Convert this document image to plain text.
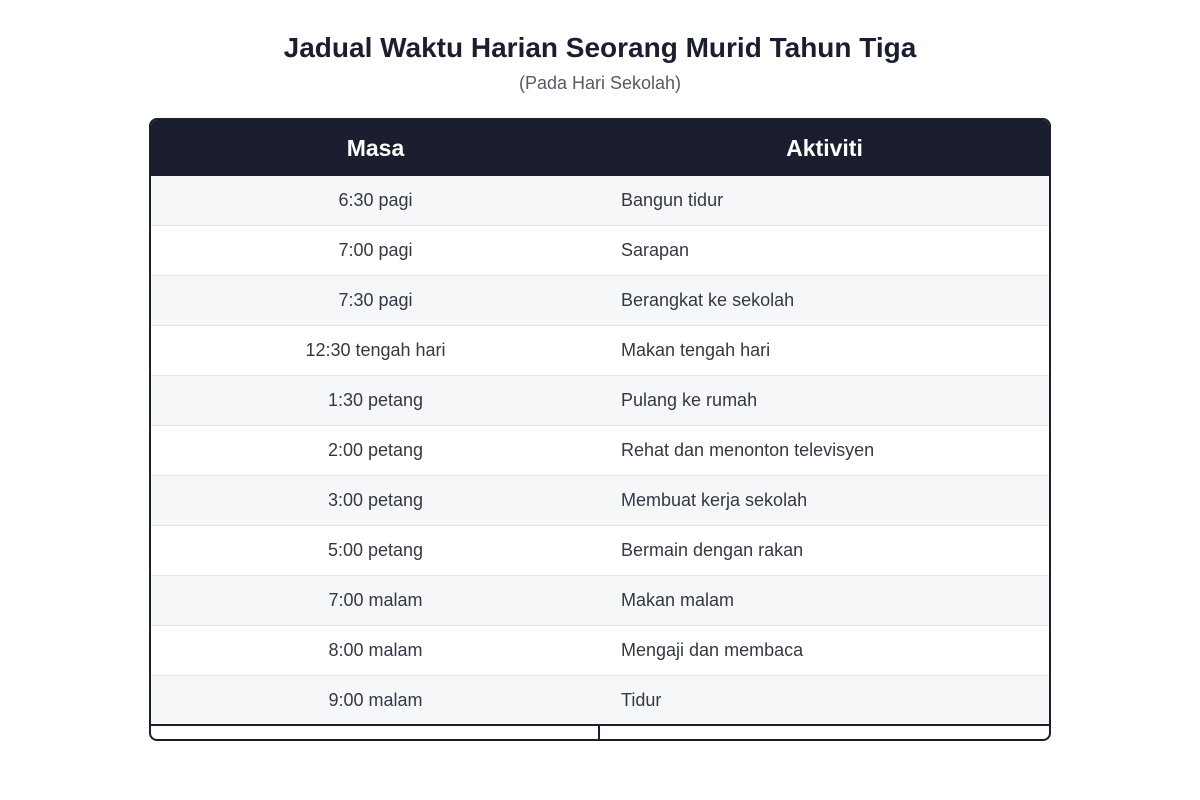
Jadual Waktu Harian Seorang Murid Tahun Tiga
(Pada Hari Sekolah)
Masa	Aktiviti
6:30 pagi	Bangun tidur
7:00 pagi	Sarapan
7:30 pagi	Berangkat ke sekolah
12:30 tengah hari	Makan tengah hari
1:30 petang	Pulang ke rumah
2:00 petang	Rehat dan menonton televisyen
3:00 petang	Membuat kerja sekolah
5:00 petang	Bermain dengan rakan
7:00 malam	Makan malam
8:00 malam	Mengaji dan membaca
9:00 malam	Tidur
